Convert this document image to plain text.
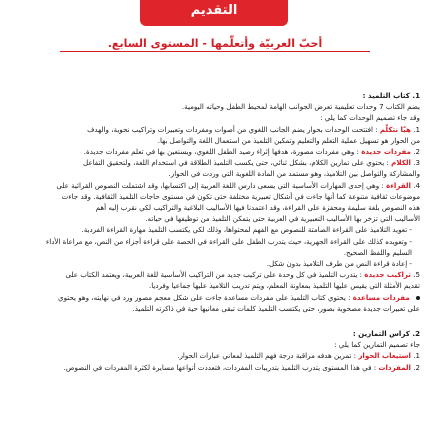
التقديم
أحبّ العربيّة وأتعلّمها - المستوى السابع.
1. كتاب التلميذ :
يضم الكتاب 7 وحدات تعليمية تعرض الجوانب الهامة لمحيط الطفل وحياته اليومية.
وقد جاء تصميم الوحدات كما يلي :
1. هيّا نتكلّم : افتتحت الوحدات بحوار يضم الجانب اللغوي من أصوات ومفردات وتعبيرات وتراكيب نحوية، والهدف
من الحوار هو تسهيل عملية التعلم والتعليم وتمكين التلميذ من استعمال اللغة والتواصل بها.
2. مفردات جديدة : وهي مفردات مصورة، هدفها إثراء رصيد الطفل اللغوي، ويستعين بها في تعلم مفردات جديدة.
3. الكلام : يحتوي على تمارين الكلام، بشكل ثنائي، حتى يكسب التلميذ الطلاقة في استخدام اللغة، ولتحقيق التفاعل
والمشاركة والتواصل بين التلاميذ، وهو مستمد من المادة اللغوية التي وردت في الحوار.
4. القراءة : وهي إحدى المهارات الأساسية التي يسعى دارس اللغة العربية إلى اكتسابها، وقد اشتملت النصوص القرائية على
موضوعات ثقافية متنوعة كما أنها جاءت في أشكال تعبيرية مختلفة حتى تكون في مستوى حاجات التلميذ الثقافية. وقد جاءت
هذه النصوص بلغة سليمة ومحفزة على القراءة، وقد اعتمدنا فيها الأساليب البلاغية والتراكيب لكي نقرب إليه أهم
الأساليب التي تزخر بها الأساليب التعبيرية في العربية حتى يتمكن التلميذ من توظيفها في حياته.
- تعويد التلاميذ على القراءة الصامتة للنصوص مع الفهم لمحتواها، وذلك لكي يكتسب التلميذ مهارة القراءة الفردية.
- وتعويده كذلك على القراءة الجهرية، حيث يتدرب الطفل على القراءة في الحصة على قراءة أجزاء من النص، مع مراعاة الأداء
السليم واللفظ الصحيح.
- إعادة قراءة النص من طرف التلاميذ بدون شكل.
5. تراكيب جديدة : يتدرب التلميذ في كل وحدة على تركيب جديد من التراكيب الأساسية للغة العربية، ويعتمد الكتاب على
تقديم الأمثلة التي يقيس عليها التلميذ بمعاونة المعلم، ويتم تدريب التلاميذ عليها جماعيا وفرديا.
مفردات مساعدة : يحتوي كتاب التلميذ على مفردات مساعدة جاءت على شكل معجم مصور ورد في نهايته، وهو يحتوي
على تعبيرات جديدة مصحوبة بصور، حتى يكتسب التلميذ كلمات تبقى معانيها حية في ذاكرته التلميذ.
2. كراس التمارين :
جاء تصميم التمارين كما يلي :
1. استيعاب الحوار : تمرين هدفه مراقبة درجة فهم التلميذ لمعاني عبارات الحوار.
2. المفردات : في هذا المستوى يتدرب التلميذ بتدريبات المفردات، فتعددت أنواعها مسايرة لكثرة المفردات في النصوص.
